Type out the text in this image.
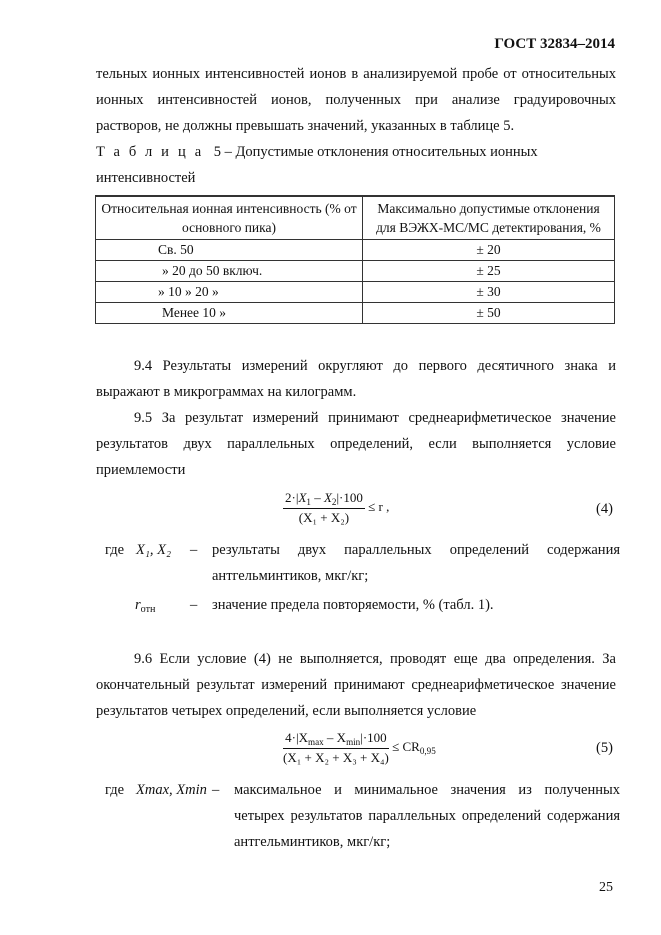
ГОСТ 32834–2014
тельных ионных интенсивностей ионов в анализируемой пробе от относительных ионных интенсивностей ионов, полученных при анализе градуировочных растворов, не должны превышать значений, указанных в таблице 5.
Таблица 5 – Допустимые отклонения относительных ионных интенсивностей
Относительная ионная интенсивность (% от основного пика)	Максимально допустимые отклонения для ВЭЖХ-МС/МС детектирования, %
Св. 50	± 20
» 20 до 50 включ.	± 25
» 10 » 20 »	± 30
Менее 10 »	± 50
9.4 Результаты измерений округляют до первого десятичного знака и выражают в микрограммах на килограмм.
9.5 За результат измерений принимают среднеарифметическое значение результатов двух параллельных определений, если выполняется условие приемлемости
$\frac{2\cdot|X_1 - X_2|\cdot 100}{\text{(X₁ + X₂)}} \le r$ ,	(4)
где X₁, X₂ – результаты двух параллельных определений содержания антгельминтиков, мкг/кг;
$r_{отн}$ – значение предела повторяемости, % (табл. 1).
9.6 Если условие (4) не выполняется, проводят еще два определения. За окончательный результат измерений принимают среднеарифметическое значение результатов четырех определений, если выполняется условие
$\frac{4\cdot|X_{max} - X_{min}|\cdot 100}{\text{(X₁ + X₂ + X₃ + X₄)}} \le CR_{0,95}$	(5)
где Xmax, Xmin – максимальное и минимальное значения из полученных четырех результатов параллельных определений содержания антгельминтиков, мкг/кг;
25
